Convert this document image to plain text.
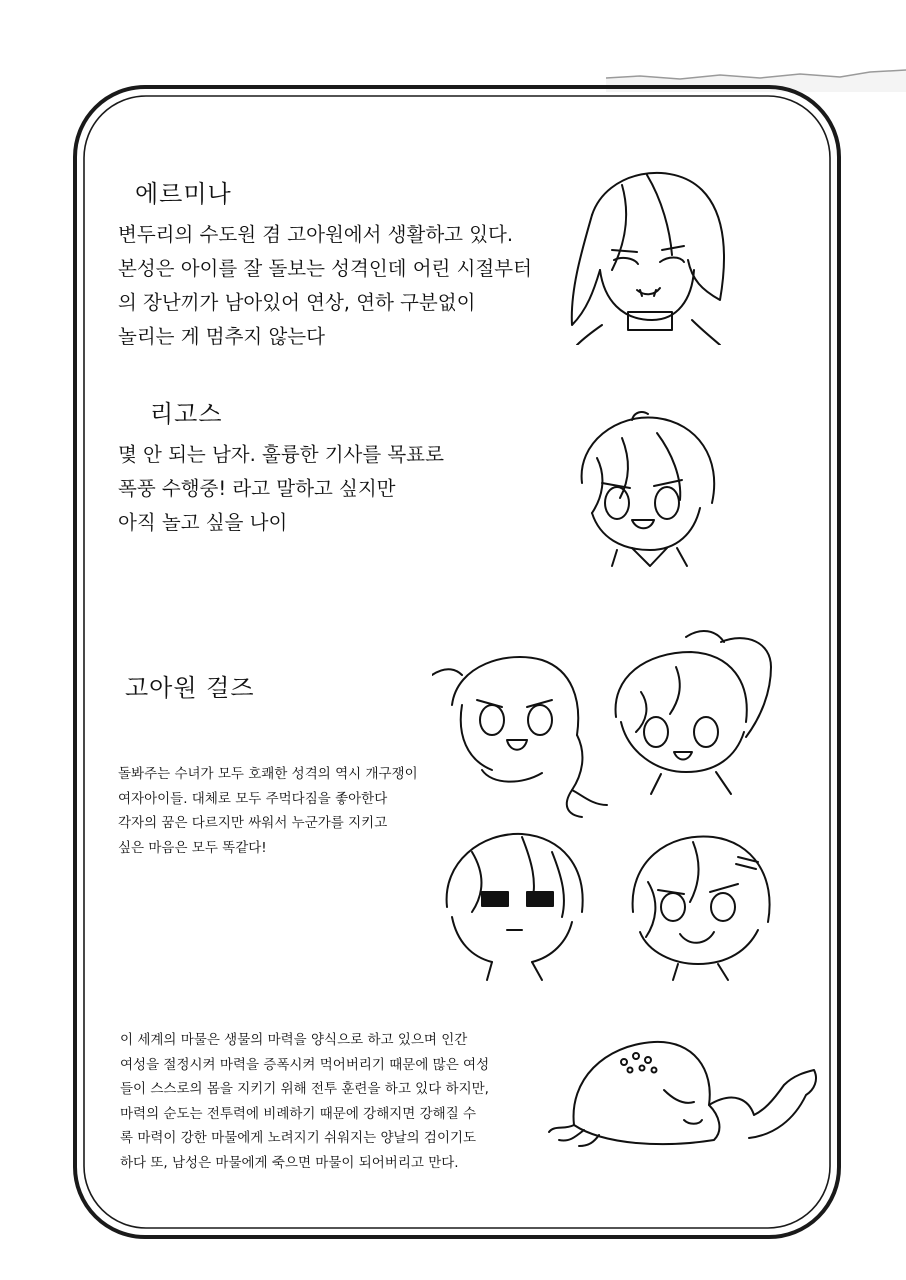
에르미나
변두리의 수도원 겸 고아원에서 생활하고 있다.
본성은 아이를 잘 돌보는 성격인데 어린 시절부터
의 장난끼가 남아있어 연상, 연하 구분없이
놀리는 게 멈추지 않는다
리고스
몇 안 되는 남자. 훌륭한 기사를 목표로
폭풍 수행중! 라고 말하고 싶지만
아직 놀고 싶을 나이
고아원 걸즈
돌봐주는 수녀가 모두 호쾌한 성격의 역시 개구쟁이
여자아이들. 대체로 모두 주먹다짐을 좋아한다
각자의 꿈은 다르지만 싸워서 누군가를 지키고
싶은 마음은 모두 똑같다!
이 세계의 마물은 생물의 마력을 양식으로 하고 있으며 인간
여성을 절정시켜 마력을 증폭시켜 먹어버리기 때문에 많은 여성
들이 스스로의 몸을 지키기 위해 전투 훈련을 하고 있다 하지만,
마력의 순도는 전투력에 비례하기 때문에 강해지면 강해질 수
록 마력이 강한 마물에게 노려지기 쉬워지는 양날의 검이기도
하다 또, 남성은 마물에게 죽으면 마물이 되어버리고 만다.
